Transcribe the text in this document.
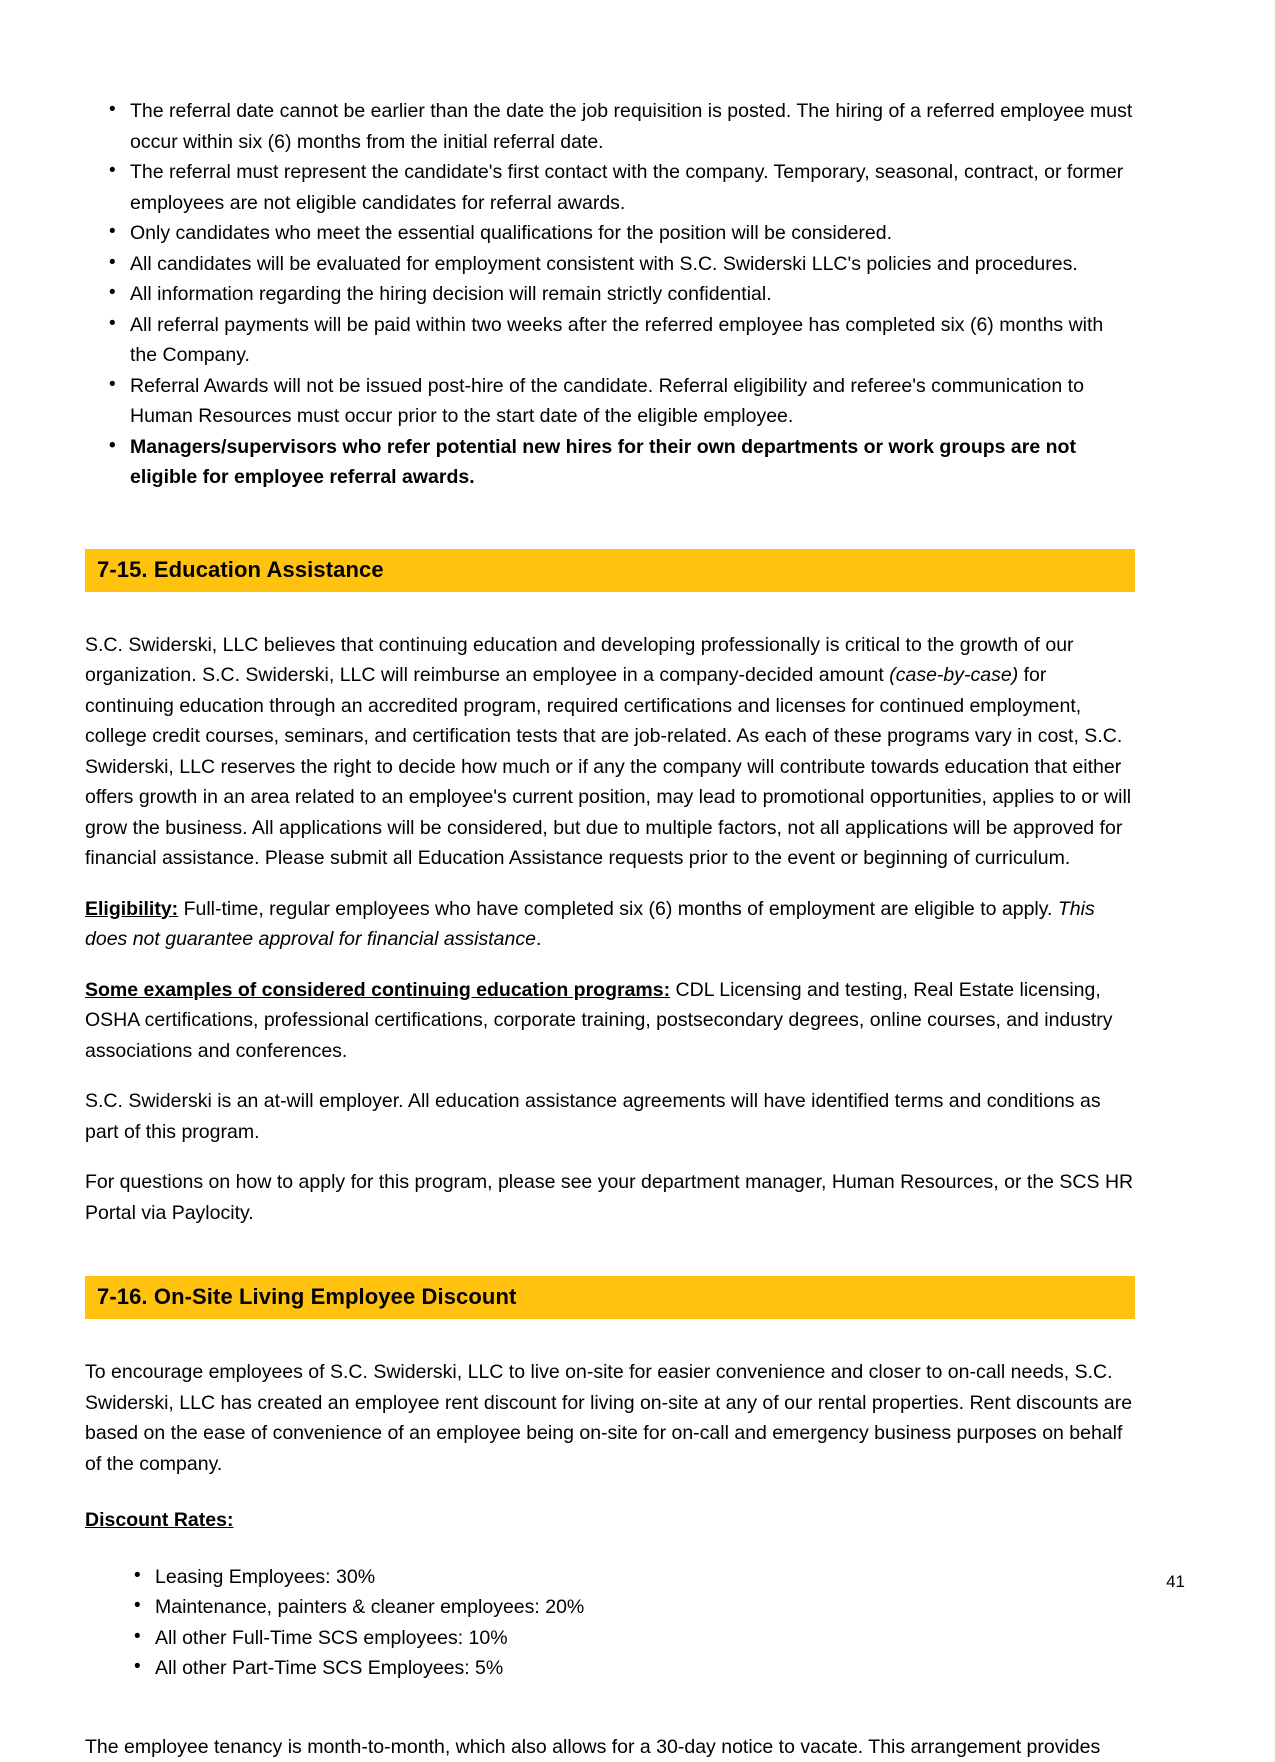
• The referral date cannot be earlier than the date the job requisition is posted. The hiring of a referred employee must occur within six (6) months from the initial referral date.
• The referral must represent the candidate's first contact with the company. Temporary, seasonal, contract, or former employees are not eligible candidates for referral awards.
• Only candidates who meet the essential qualifications for the position will be considered.
• All candidates will be evaluated for employment consistent with S.C. Swiderski LLC's policies and procedures.
• All information regarding the hiring decision will remain strictly confidential.
• All referral payments will be paid within two weeks after the referred employee has completed six (6) months with the Company.
• Referral Awards will not be issued post-hire of the candidate. Referral eligibility and referee's communication to Human Resources must occur prior to the start date of the eligible employee.
• Managers/supervisors who refer potential new hires for their own departments or work groups are not eligible for employee referral awards.
7-15. Education Assistance

S.C. Swiderski, LLC believes that continuing education and developing professionally is critical to the growth of our organization. S.C. Swiderski, LLC will reimburse an employee in a company-decided amount (case-by-case) for continuing education through an accredited program, required certifications and licenses for continued employment, college credit courses, seminars, and certification tests that are job-related. As each of these programs vary in cost, S.C. Swiderski, LLC reserves the right to decide how much or if any the company will contribute towards education that either offers growth in an area related to an employee's current position, may lead to promotional opportunities, applies to or will grow the business. All applications will be considered, but due to multiple factors, not all applications will be approved for financial assistance. Please submit all Education Assistance requests prior to the event or beginning of curriculum.

Eligibility: Full-time, regular employees who have completed six (6) months of employment are eligible to apply. This does not guarantee approval for financial assistance.

Some examples of considered continuing education programs: CDL Licensing and testing, Real Estate licensing, OSHA certifications, professional certifications, corporate training, postsecondary degrees, online courses, and industry associations and conferences.

S.C. Swiderski is an at-will employer. All education assistance agreements will have identified terms and conditions as part of this program.

For questions on how to apply for this program, please see your department manager, Human Resources, or the SCS HR Portal via Paylocity.

7-16. On-Site Living Employee Discount

To encourage employees of S.C. Swiderski, LLC to live on-site for easier convenience and closer to on-call needs, S.C. Swiderski, LLC has created an employee rent discount for living on-site at any of our rental properties. Rent discounts are based on the ease of convenience of an employee being on-site for on-call and emergency business purposes on behalf of the company.

Discount Rates:

• Leasing Employees: 30%
• Maintenance, painters & cleaner employees: 20%
• All other Full-Time SCS employees: 10%
• All other Part-Time SCS Employees: 5%

The employee tenancy is month-to-month, which also allows for a 30-day notice to vacate. This arrangement provides

41
